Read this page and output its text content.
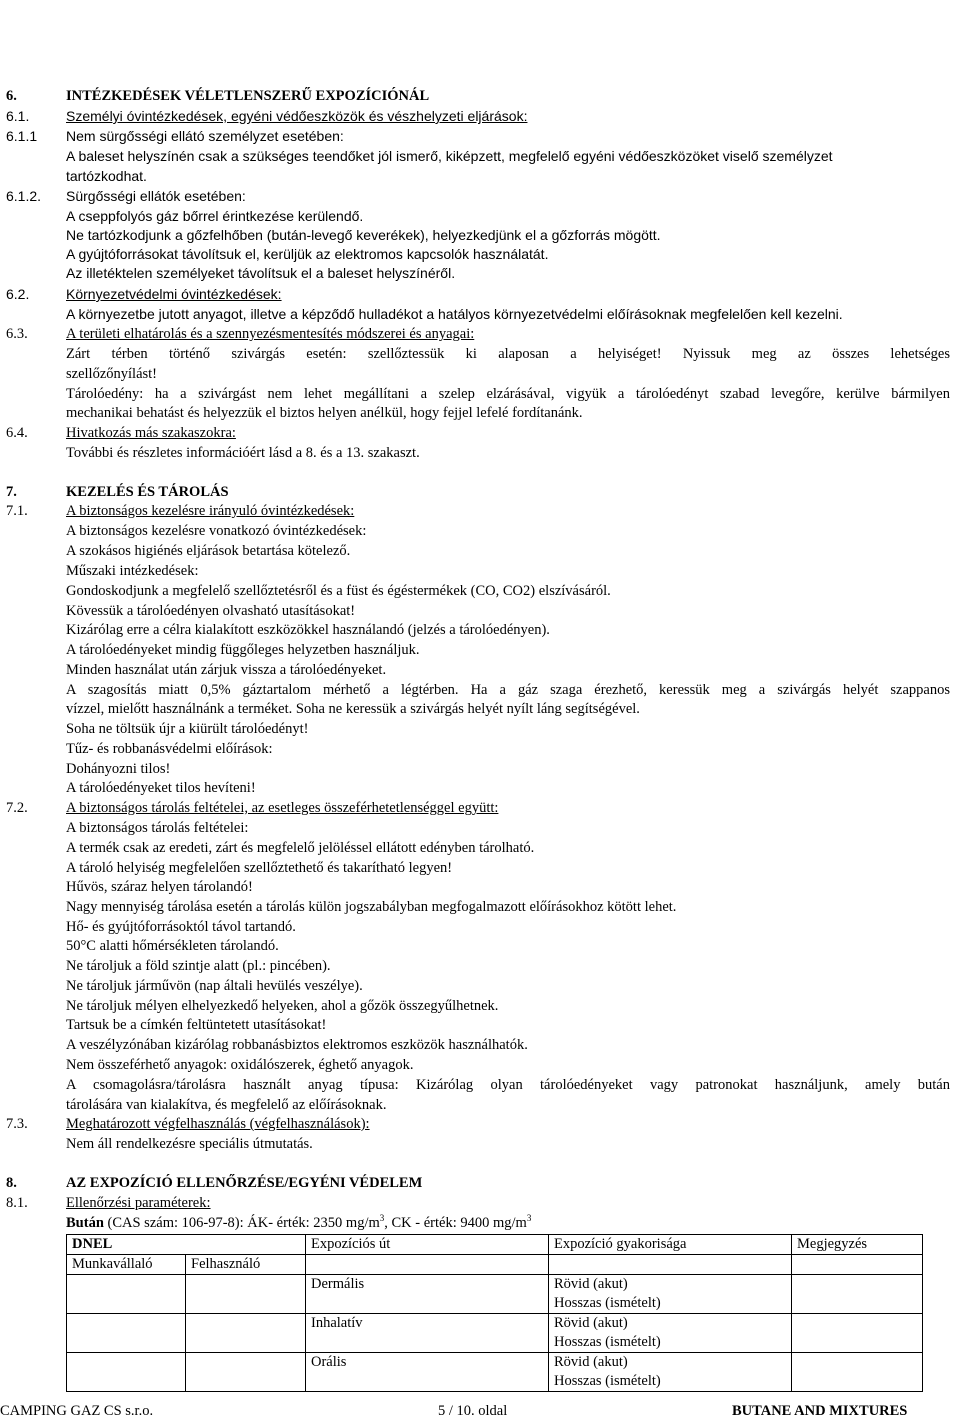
Elkészítés időpontja: 2011. május 3.
Felülvizsgálat időpontja: -
Verziószám: 1
http://www.biztonsagiadatlap.hu
6.	INTÉZKEDÉSEK VÉLETLENSZERŰ EXPOZÍCIÓNÁL
6.1.	Személyi óvintézkedések, egyéni védőeszközök és vészhelyzeti eljárások:
6.1.1 Nem sürgősségi ellátó személyzet esetében:
A baleset helyszínén csak a szükséges teendőket jól ismerő, kiképzett, megfelelő egyéni védőeszközöket viselő személyzet
tartózkodhat.
6.1.2. Sürgősségi ellátók esetében:
A cseppfolyós gáz bőrrel érintkezése kerülendő.
Ne tartózkodjunk a gőzfelhőben (bután-levegő keverékek), helyezkedjünk el a gőzforrás mögött.
A gyújtóforrásokat távolítsuk el, kerüljük az elektromos kapcsolók használatát.
Az illetéktelen személyeket távolítsuk el a baleset helyszínéről.
6.2.	Környezetvédelmi óvintézkedések:
A környezetbe jutott anyagot, illetve a képződő hulladékot a hatályos környezetvédelmi előírásoknak megfelelően kell kezelni.
6.3.	A területi elhatárolás és a szennyezésmentesítés módszerei és anyagai:
Zárt térben történő szivárgás esetén: szellőztessük ki alaposan a helyiséget! Nyissuk meg az összes lehetséges
szellőzőnyílást!
Tárolóedény: ha a szivárgást nem lehet megállítani a szelep elzárásával, vigyük a tárolóedényt szabad levegőre, kerülve bármilyen
mechanikai behatást és helyezzük el biztos helyen anélkül, hogy fejjel lefelé fordítanánk.
6.4.	Hivatkozás más szakaszokra:
További és részletes információért lásd a 8. és a 13. szakaszt.
7.	KEZELÉS ÉS TÁROLÁS
7.1.	A biztonságos kezelésre irányuló óvintézkedések:
A biztonságos kezelésre vonatkozó óvintézkedések:
A szokásos higiénés eljárások betartása kötelező.
Műszaki intézkedések:
Gondoskodjunk a megfelelő szellőztetésről és a füst és égéstermékek (CO, CO2) elszívásáról.
Kövessük a tárolóedényen olvasható utasításokat!
Kizárólag erre a célra kialakított eszközökkel használandó (jelzés a tárolóedényen).
A tárolóedényeket mindig függőleges helyzetben használjuk.
Minden használat után zárjuk vissza a tárolóedényeket.
A szagosítás miatt 0,5% gáztartalom mérhető a légtérben. Ha a gáz szaga érezhető, keressük meg a szivárgás helyét szappanos
vízzel, mielőtt használnánk a terméket. Soha ne keressük a szivárgás helyét nyílt láng segítségével.
Soha ne töltsük újr a kiürült tárolóedényt!
Tűz- és robbanásvédelmi előírások:
Dohányozni tilos!
A tárolóedényeket tilos hevíteni!
7.2.	A biztonságos tárolás feltételei, az esetleges összeférhetetlenséggel együtt:
A biztonságos tárolás feltételei:
A termék csak az eredeti, zárt és megfelelő jelöléssel ellátott edényben tárolható.
A tároló helyiség megfelelően szellőztethető és takarítható legyen!
Hűvös, száraz helyen tárolandó!
Nagy mennyiség tárolása esetén a tárolás külön jogszabályban megfogalmazott előírásokhoz kötött lehet.
Hő- és gyújtóforrásoktól távol tartandó.
50°C alatti hőmérsékleten tárolandó.
Ne tároljuk a föld szintje alatt (pl.: pincében).
Ne tároljuk járművön (nap általi hevülés veszélye).
Ne tároljuk mélyen elhelyezkedő helyeken, ahol a gőzök összegyűlhetnek.
Tartsuk be a címkén feltüntetett utasításokat!
A veszélyzónában kizárólag robbanásbiztos elektromos eszközök használhatók.
Nem összeférhető anyagok: oxidálószerek, éghető anyagok.
A csomagolásra/tárolásra használt anyag típusa: Kizárólag olyan tárolóedényeket vagy patronokat használjunk, amely bután
tárolására van kialakítva, és megfelelő az előírásoknak.
7.3.	Meghatározott végfelhasználás (végfelhasználások):
Nem áll rendelkezésre speciális útmutatás.
8.	AZ EXPOZÍCIÓ ELLENŐRZÉSE/EGYÉNI VÉDELEM
8.1.	Ellenőrzési paraméterek:
Bután (CAS szám: 106-97-8): ÁK- érték: 2350 $mg/m^3$, CK - érték: 9400 $mg/m^3$
DNEL		Expozíciós út	Expozíció gyakorisága	Megjegyzés
Munkavállaló	Felhasználó			
		Dermális	Rövid (akut)
Hosszas (ismételt)	

		Inhalatív	Rövid (akut)
Hosszas (ismételt)	

		Orális	Rövid (akut)
Hosszas (ismételt)	

CAMPING GAZ CS s.r.o.	5 / 10. oldal	BUTANE AND MIXTURES
